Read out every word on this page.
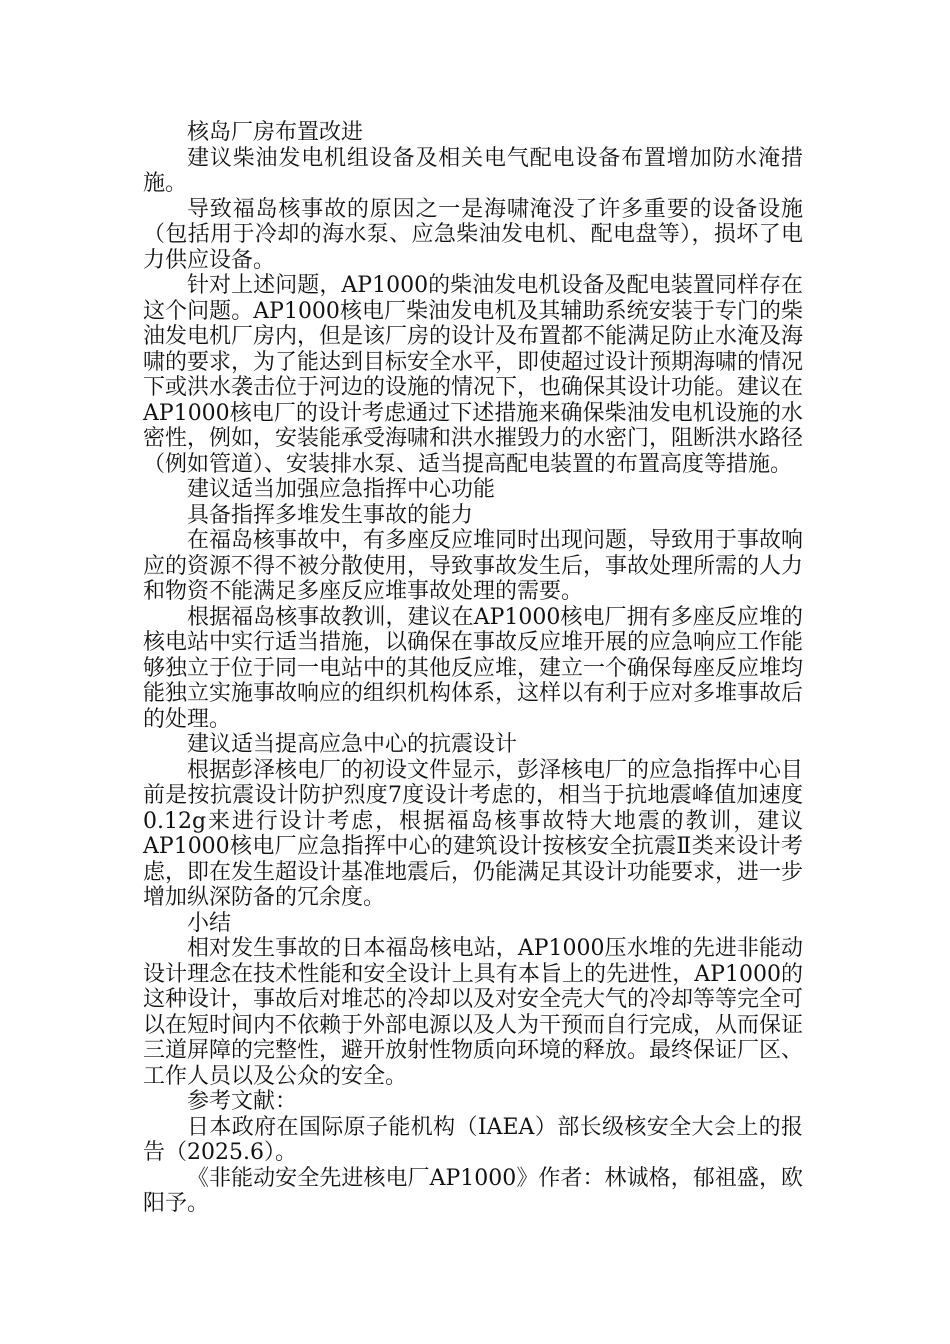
核岛厂房布置改进

建议柴油发电机组设备及相关电气配电设备布置增加防水淹措施。

导致福岛核事故的原因之一是海啸淹没了许多重要的设备设施（包括用于冷却的海水泵、应急柴油发电机、配电盘等），损坏了电力供应设备。

针对上述问题，AP1000的柴油发电机设备及配电装置同样存在这个问题。AP1000核电厂柴油发电机及其辅助系统安装于专门的柴油发电机厂房内，但是该厂房的设计及布置都不能满足防止水淹及海啸的要求，为了能达到目标安全水平，即使超过设计预期海啸的情况下或洪水袭击位于河边的设施的情况下，也确保其设计功能。建议在AP1000核电厂的设计考虑通过下述措施来确保柴油发电机设施的水密性，例如，安装能承受海啸和洪水摧毁力的水密门，阻断洪水路径（例如管道）、安装排水泵、适当提高配电装置的布置高度等措施。

建议适当加强应急指挥中心功能

具备指挥多堆发生事故的能力

在福岛核事故中，有多座反应堆同时出现问题，导致用于事故响应的资源不得不被分散使用，导致事故发生后，事故处理所需的人力和物资不能满足多座反应堆事故处理的需要。

根据福岛核事故教训，建议在AP1000核电厂拥有多座反应堆的核电站中实行适当措施，以确保在事故反应堆开展的应急响应工作能够独立于位于同一电站中的其他反应堆，建立一个确保每座反应堆均能独立实施事故响应的组织机构体系，这样以有利于应对多堆事故后的处理。

建议适当提高应急中心的抗震设计

根据彭泽核电厂的初设文件显示，彭泽核电厂的应急指挥中心目前是按抗震设计防护烈度7度设计考虑的，相当于抗地震峰值加速度0.12g来进行设计考虑，根据福岛核事故特大地震的教训，建议AP1000核电厂应急指挥中心的建筑设计按核安全抗震Ⅱ类来设计考虑，即在发生超设计基准地震后，仍能满足其设计功能要求，进一步增加纵深防备的冗余度。

小结

相对发生事故的日本福岛核电站，AP1000压水堆的先进非能动设计理念在技术性能和安全设计上具有本旨上的先进性，AP1000的这种设计，事故后对堆芯的冷却以及对安全壳大气的冷却等等完全可以在短时间内不依赖于外部电源以及人为干预而自行完成，从而保证三道屏障的完整性，避开放射性物质向环境的释放。最终保证厂区、工作人员以及公众的安全。

参考文献：

日本政府在国际原子能机构（IAEA）部长级核安全大会上的报告（2025.6）。

《非能动安全先进核电厂AP1000》作者：林诚格，郁祖盛，欧阳予。
